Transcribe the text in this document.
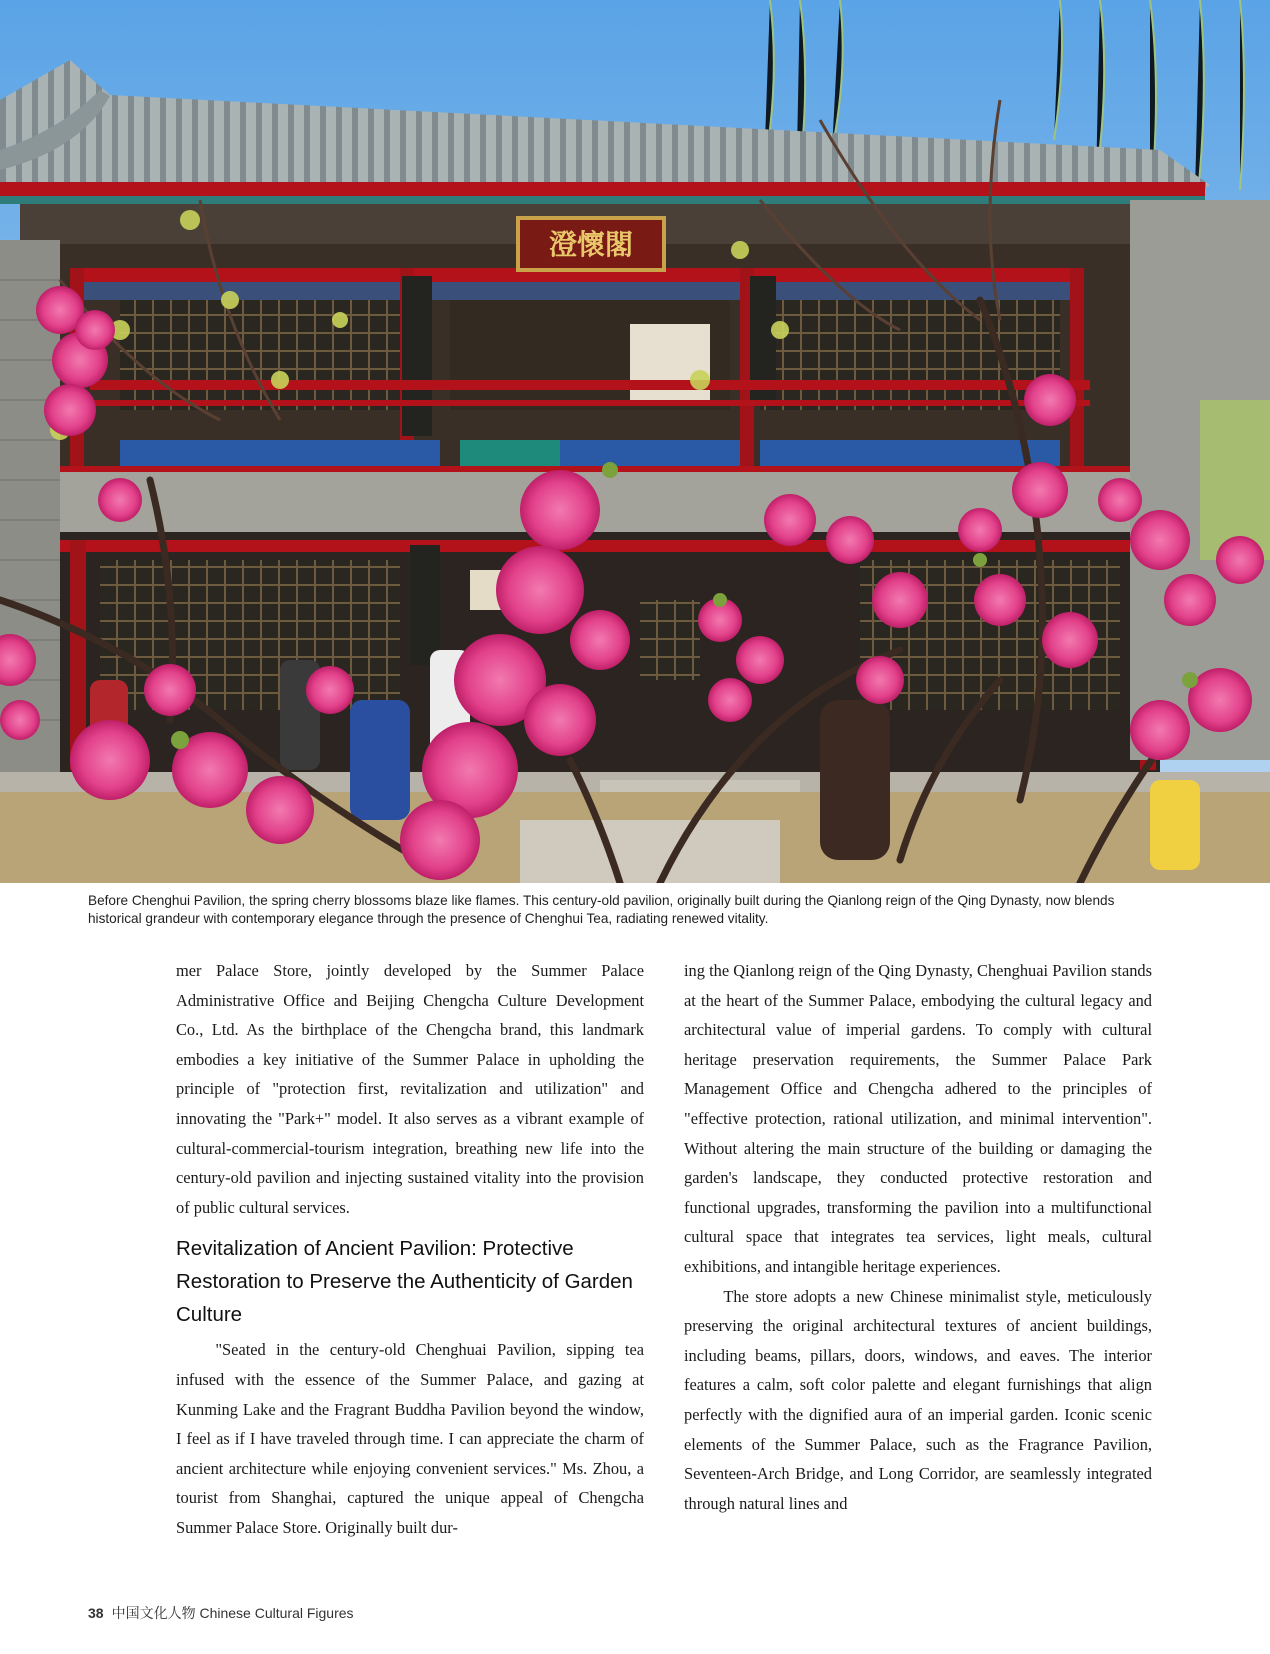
澄懷閣
Before Chenghui Pavilion, the spring cherry blossoms blaze like flames. This century-old pavilion, originally built during the Qianlong reign of the Qing Dynasty, now blends historical grandeur with contemporary elegance through the presence of Chenghui Tea, radiating renewed vitality.

mer Palace Store, jointly developed by the Summer Palace Administrative Office and Beijing Chengcha Culture Development Co., Ltd. As the birthplace of the Chengcha brand, this landmark embodies a key initiative of the Summer Palace in upholding the principle of "protection first, revitalization and utilization" and innovating the "Park+" model. It also serves as a vibrant example of cultural-commercial-tourism integration, breathing new life into the century-old pavilion and injecting sustained vitality into the provision of public cultural services.

Revitalization of Ancient Pavilion: Protective Restoration to Preserve the Authenticity of Garden Culture

"Seated in the century-old Chenghuai Pavilion, sipping tea infused with the essence of the Summer Palace, and gazing at Kunming Lake and the Fragrant Buddha Pavilion beyond the window, I feel as if I have traveled through time. I can appreciate the charm of ancient architecture while enjoying convenient services." Ms. Zhou, a tourist from Shanghai, captured the unique appeal of Chengcha Summer Palace Store. Originally built dur-

ing the Qianlong reign of the Qing Dynasty, Chenghuai Pavilion stands at the heart of the Summer Palace, embodying the cultural legacy and architectural value of imperial gardens. To comply with cultural heritage preservation requirements, the Summer Palace Park Management Office and Chengcha adhered to the principles of "effective protection, rational utilization, and minimal intervention". Without altering the main structure of the building or damaging the garden's landscape, they conducted protective restoration and functional upgrades, transforming the pavilion into a multifunctional cultural space that integrates tea services, light meals, cultural exhibitions, and intangible heritage experiences.

The store adopts a new Chinese minimalist style, meticulously preserving the original architectural textures of ancient buildings, including beams, pillars, doors, windows, and eaves. The interior features a calm, soft color palette and elegant furnishings that align perfectly with the dignified aura of an imperial garden. Iconic scenic elements of the Summer Palace, such as the Fragrance Pavilion, Seventeen-Arch Bridge, and Long Corridor, are seamlessly integrated through natural lines and

38 中国文化人物 Chinese Cultural Figures
